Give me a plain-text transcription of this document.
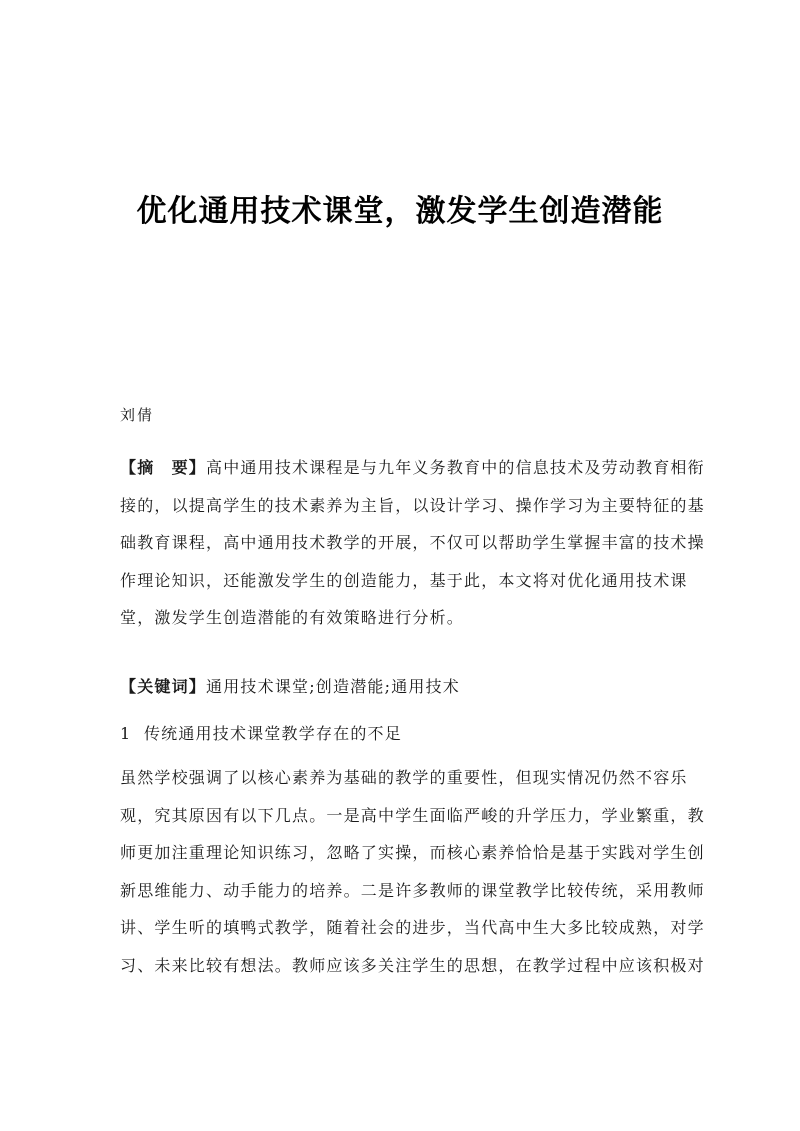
优化通用技术课堂，激发学生创造潜能
刘倩
【摘　要】高中通用技术课程是与九年义务教育中的信息技术及劳动教育相衔
接的，以提高学生的技术素养为主旨，以设计学习、操作学习为主要特征的基
础教育课程，高中通用技术教学的开展，不仅可以帮助学生掌握丰富的技术操
作理论知识，还能激发学生的创造能力，基于此，本文将对优化通用技术课
堂，激发学生创造潜能的有效策略进行分析。
【关键词】通用技术课堂;创造潜能;通用技术
1  传统通用技术课堂教学存在的不足
虽然学校强调了以核心素养为基础的教学的重要性，但现实情况仍然不容乐
观，究其原因有以下几点。一是高中学生面临严峻的升学压力，学业繁重，教
师更加注重理论知识练习，忽略了实操，而核心素养恰恰是基于实践对学生创
新思维能力、动手能力的培养。二是许多教师的课堂教学比较传统，采用教师
讲、学生听的填鸭式教学，随着社会的进步，当代高中生大多比较成熟，对学
习、未来比较有想法。教师应该多关注学生的思想，在教学过程中应该积极对
